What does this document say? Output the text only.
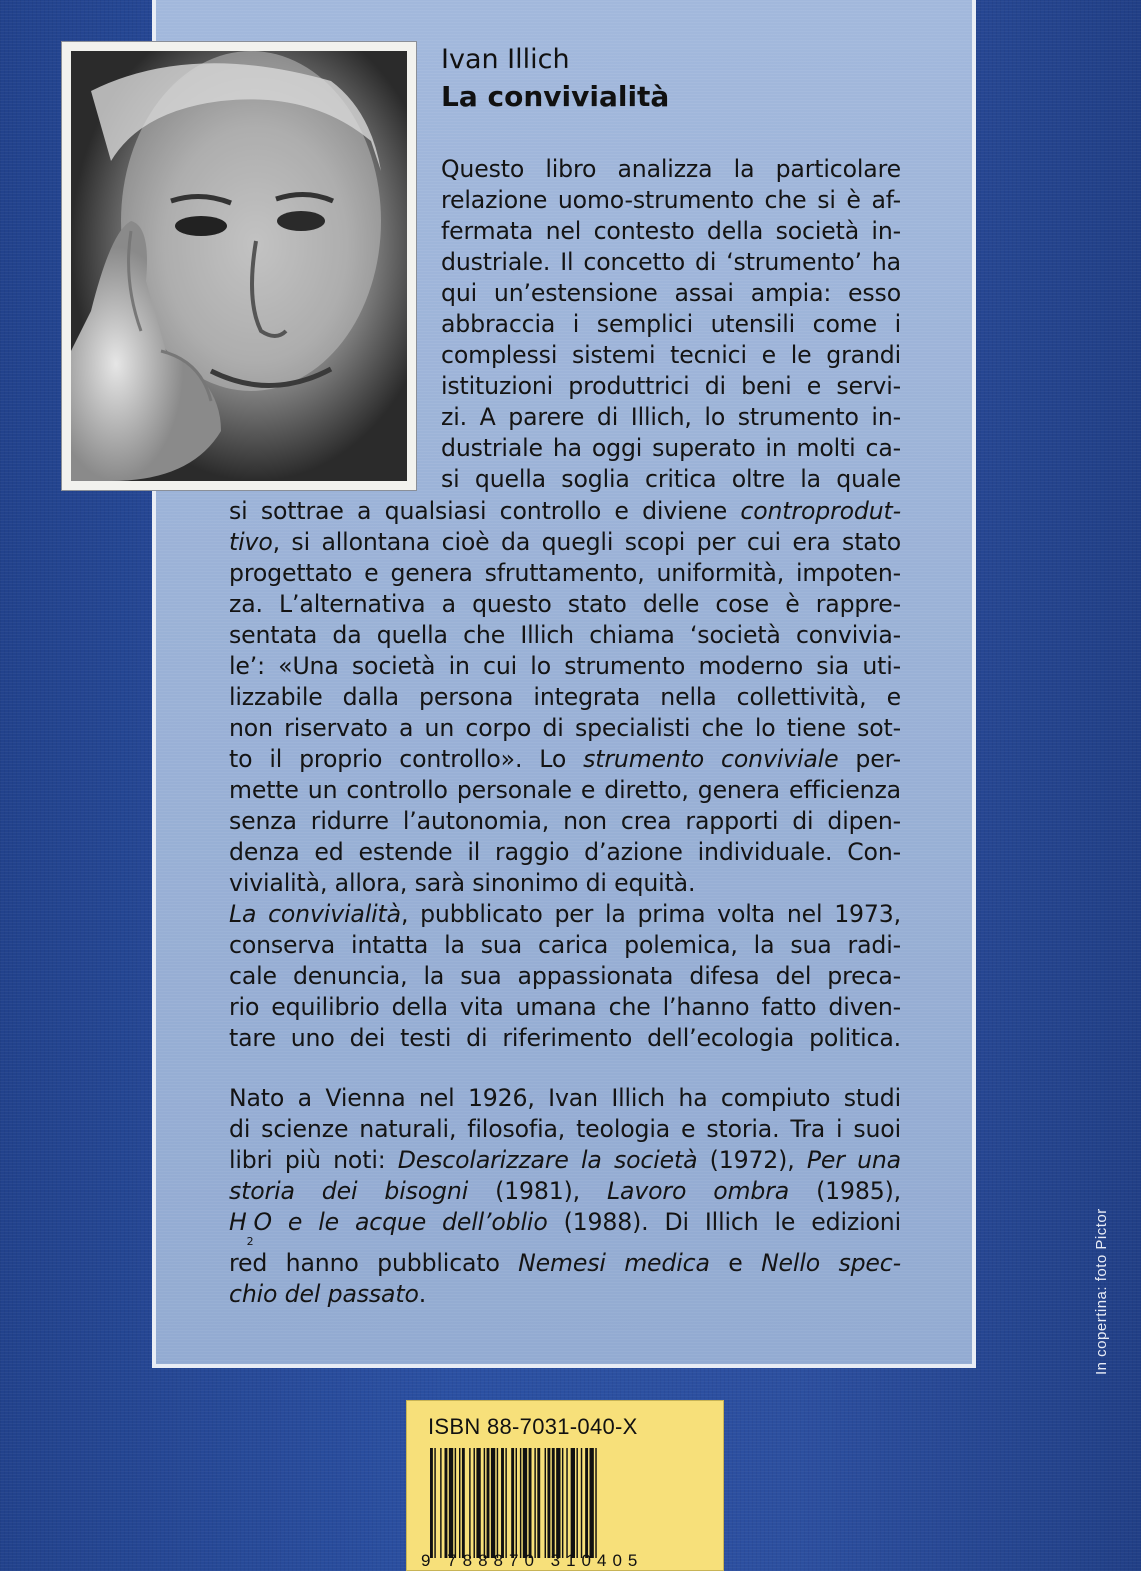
Ivan Illich
La convivialità
Questo libro analizza la particolare
relazione uomo-strumento che si è af-
fermata nel contesto della società in-
dustriale. Il concetto di ‘strumento’ ha
qui un’estensione assai ampia: esso
abbraccia i semplici utensili come i
complessi sistemi tecnici e le grandi
istituzioni produttrici di beni e servi-
zi. A parere di Illich, lo strumento in-
dustriale ha oggi superato in molti ca-
si quella soglia critica oltre la quale
si sottrae a qualsiasi controllo e diviene controprodut-
tivo, si allontana cioè da quegli scopi per cui era stato
progettato e genera sfruttamento, uniformità, impoten-
za. L’alternativa a questo stato delle cose è rappre-
sentata da quella che Illich chiama ‘società convivia-
le’: «Una società in cui lo strumento moderno sia uti-
lizzabile dalla persona integrata nella collettività, e
non riservato a un corpo di specialisti che lo tiene sot-
to il proprio controllo». Lo strumento conviviale per-
mette un controllo personale e diretto, genera efficienza
senza ridurre l’autonomia, non crea rapporti di dipen-
denza ed estende il raggio d’azione individuale. Con-
vivialità, allora, sarà sinonimo di equità.
La convivialità, pubblicato per la prima volta nel 1973,
conserva intatta la sua carica polemica, la sua radi-
cale denuncia, la sua appassionata difesa del preca-
rio equilibrio della vita umana che l’hanno fatto diven-
tare uno dei testi di riferimento dell’ecologia politica.
Nato a Vienna nel 1926, Ivan Illich ha compiuto studi
di scienze naturali, filosofia, teologia e storia. Tra i suoi
libri più noti: Descolarizzare la società (1972), Per una
storia dei bisogni (1981), Lavoro ombra (1985),
$H_2O$ e le acque dell’oblio (1988). Di Illich le edizioni
red hanno pubblicato Nemesi medica e Nello spec-
chio del passato.	In copertina: foto Pictor
ISBN 88-7031-040-X
9 788870 310405
